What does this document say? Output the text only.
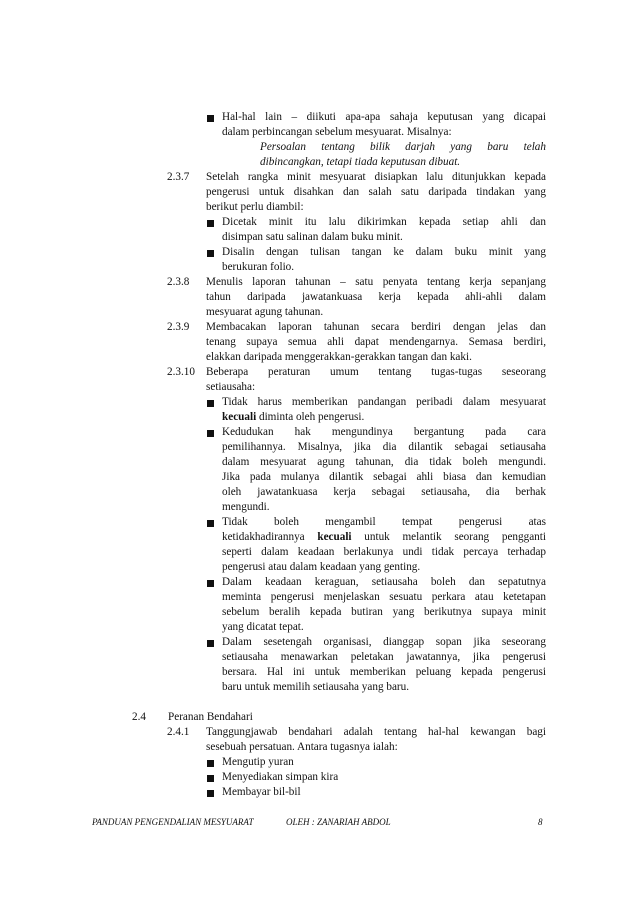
Hal-hal lain – diikuti apa-apa sahaja keputusan yang dicapai
dalam perbincangan sebelum mesyuarat. Misalnya:
Persoalan tentang bilik darjah yang baru telah
dibincangkan, tetapi tiada keputusan dibuat.
2.3.7 Setelah rangka minit mesyuarat disiapkan lalu ditunjukkan kepada
pengerusi untuk disahkan dan salah satu daripada tindakan yang
berikut perlu diambil:
Dicetak minit itu lalu dikirimkan kepada setiap ahli dan
disimpan satu salinan dalam buku minit.
Disalin dengan tulisan tangan ke dalam buku minit yang
berukuran folio.
2.3.8 Menulis laporan tahunan – satu penyata tentang kerja sepanjang
tahun daripada jawatankuasa kerja kepada ahli-ahli dalam
mesyuarat agung tahunan.
2.3.9 Membacakan laporan tahunan secara berdiri dengan jelas dan
tenang supaya semua ahli dapat mendengarnya. Semasa berdiri,
elakkan daripada menggerakkan-gerakkan tangan dan kaki.
2.3.10 Beberapa peraturan umum tentang tugas-tugas seseorang
setiausaha:
Tidak harus memberikan pandangan peribadi dalam mesyuarat
kecuali diminta oleh pengerusi.
Kedudukan hak mengundinya bergantung pada cara
pemilihannya. Misalnya, jika dia dilantik sebagai setiausaha
dalam mesyuarat agung tahunan, dia tidak boleh mengundi.
Jika pada mulanya dilantik sebagai ahli biasa dan kemudian
oleh jawatankuasa kerja sebagai setiausaha, dia berhak
mengundi.
Tidak boleh mengambil tempat pengerusi atas
ketidakhadirannya kecuali untuk melantik seorang pengganti
seperti dalam keadaan berlakunya undi tidak percaya terhadap
pengerusi atau dalam keadaan yang genting.
Dalam keadaan keraguan, setiausaha boleh dan sepatutnya
meminta pengerusi menjelaskan sesuatu perkara atau ketetapan
sebelum beralih kepada butiran yang berikutnya supaya minit
yang dicatat tepat.
Dalam sesetengah organisasi, dianggap sopan jika seseorang
setiausaha menawarkan peletakan jawatannya, jika pengerusi
bersara. Hal ini untuk memberikan peluang kepada pengerusi
baru untuk memilih setiausaha yang baru.
2.4 Peranan Bendahari
2.4.1 Tanggungjawab bendahari adalah tentang hal-hal kewangan bagi
sesebuah persatuan. Antara tugasnya ialah:
Mengutip yuran
Menyediakan simpan kira
Membayar bil-bil
PANDUAN PENGENDALIAN MESYUARAT	OLEH : ZANARIAH ABDOL	8
